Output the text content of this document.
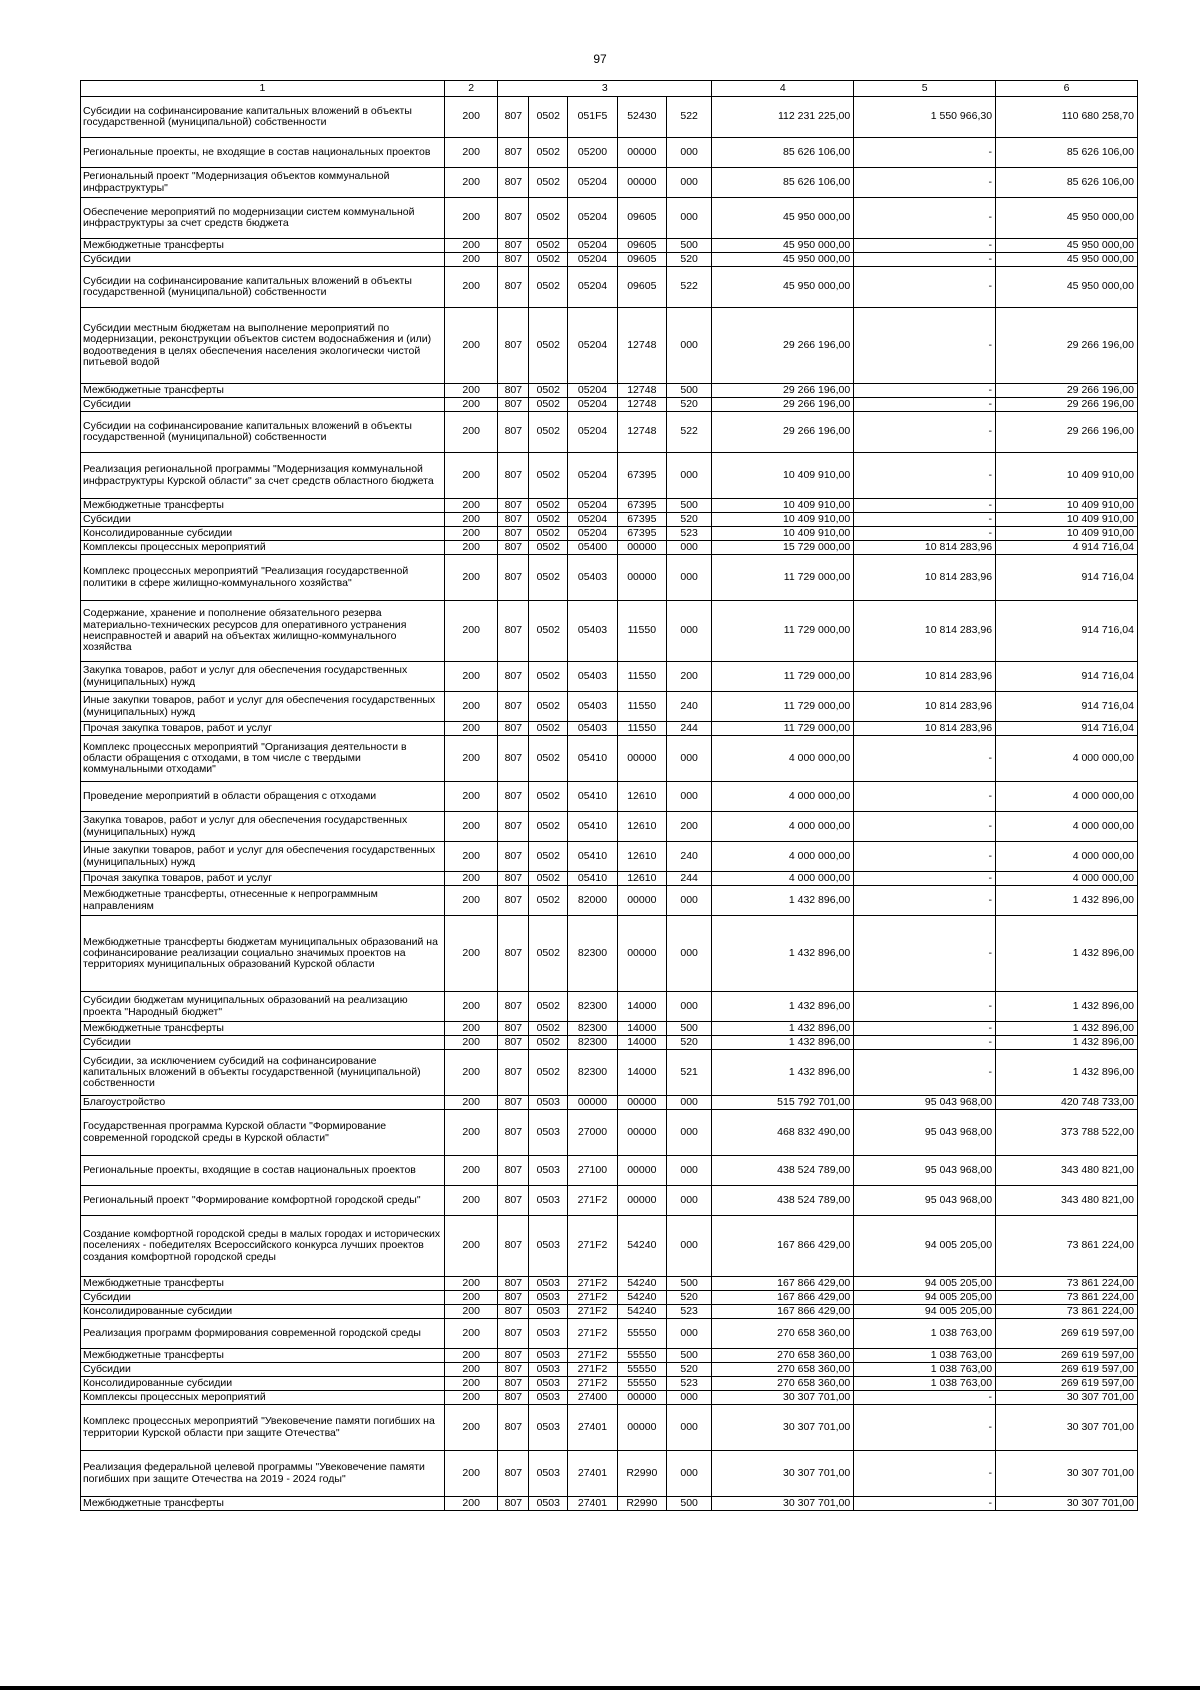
97
1	2	3					4	5	6
Субсидии на софинансирование капитальных вложений в объекты государственной (муниципальной) собственности	200	807	0502	051F5	52430	522	112 231 225,00	1 550 966,30	110 680 258,70
Региональные проекты, не входящие в состав национальных проектов	200	807	0502	05200	00000	000	85 626 106,00	-	85 626 106,00
Региональный проект "Модернизация объектов коммунальной инфраструктуры"	200	807	0502	05204	00000	000	85 626 106,00	-	85 626 106,00
Обеспечение мероприятий по модернизации систем коммунальной инфраструктуры за счет средств бюджета	200	807	0502	05204	09605	000	45 950 000,00	-	45 950 000,00
Межбюджетные трансферты	200	807	0502	05204	09605	500	45 950 000,00	-	45 950 000,00
Субсидии	200	807	0502	05204	09605	520	45 950 000,00	-	45 950 000,00
Субсидии на софинансирование капитальных вложений в объекты государственной (муниципальной) собственности	200	807	0502	05204	09605	522	45 950 000,00	-	45 950 000,00
Субсидии местным бюджетам на выполнение мероприятий по модернизации, реконструкции объектов систем водоснабжения и (или) водоотведения в целях обеспечения населения экологически чистой питьевой водой	200	807	0502	05204	12748	000	29 266 196,00	-	29 266 196,00
Межбюджетные трансферты	200	807	0502	05204	12748	500	29 266 196,00	-	29 266 196,00
Субсидии	200	807	0502	05204	12748	520	29 266 196,00	-	29 266 196,00
Субсидии на софинансирование капитальных вложений в объекты государственной (муниципальной) собственности	200	807	0502	05204	12748	522	29 266 196,00	-	29 266 196,00
Реализация региональной программы "Модернизация коммунальной инфраструктуры Курской области" за счет средств областного бюджета	200	807	0502	05204	67395	000	10 409 910,00	-	10 409 910,00
Межбюджетные трансферты	200	807	0502	05204	67395	500	10 409 910,00	-	10 409 910,00
Субсидии	200	807	0502	05204	67395	520	10 409 910,00	-	10 409 910,00
Консолидированные субсидии	200	807	0502	05204	67395	523	10 409 910,00	-	10 409 910,00
Комплексы процессных мероприятий	200	807	0502	05400	00000	000	15 729 000,00	10 814 283,96	4 914 716,04
Комплекс процессных мероприятий "Реализация государственной политики в сфере жилищно-коммунального хозяйства"	200	807	0502	05403	00000	000	11 729 000,00	10 814 283,96	914 716,04
Содержание, хранение и пополнение обязательного резерва материально-технических ресурсов для оперативного устранения неисправностей и аварий на объектах жилищно-коммунального хозяйства	200	807	0502	05403	11550	000	11 729 000,00	10 814 283,96	914 716,04
Закупка товаров, работ и услуг для обеспечения государственных (муниципальных) нужд	200	807	0502	05403	11550	200	11 729 000,00	10 814 283,96	914 716,04
Иные закупки товаров, работ и услуг для обеспечения государственных (муниципальных) нужд	200	807	0502	05403	11550	240	11 729 000,00	10 814 283,96	914 716,04
Прочая закупка товаров, работ и услуг	200	807	0502	05403	11550	244	11 729 000,00	10 814 283,96	914 716,04
Комплекс процессных мероприятий "Организация деятельности в области обращения с отходами, в том числе с твердыми коммунальными отходами"	200	807	0502	05410	00000	000	4 000 000,00	-	4 000 000,00
Проведение мероприятий в области обращения с отходами	200	807	0502	05410	12610	000	4 000 000,00	-	4 000 000,00
Закупка товаров, работ и услуг для обеспечения государственных (муниципальных) нужд	200	807	0502	05410	12610	200	4 000 000,00	-	4 000 000,00
Иные закупки товаров, работ и услуг для обеспечения государственных (муниципальных) нужд	200	807	0502	05410	12610	240	4 000 000,00	-	4 000 000,00
Прочая закупка товаров, работ и услуг	200	807	0502	05410	12610	244	4 000 000,00	-	4 000 000,00
Межбюджетные трансферты, отнесенные к непрограммным направлениям	200	807	0502	82000	00000	000	1 432 896,00	-	1 432 896,00
Межбюджетные трансферты бюджетам муниципальных образований на софинансирование реализации социально значимых проектов на территориях муниципальных образований Курской области	200	807	0502	82300	00000	000	1 432 896,00	-	1 432 896,00
Субсидии бюджетам муниципальных образований на реализацию проекта "Народный бюджет"	200	807	0502	82300	14000	000	1 432 896,00	-	1 432 896,00
Межбюджетные трансферты	200	807	0502	82300	14000	500	1 432 896,00	-	1 432 896,00
Субсидии	200	807	0502	82300	14000	520	1 432 896,00	-	1 432 896,00
Субсидии, за исключением субсидий на софинансирование капитальных вложений в объекты государственной (муниципальной) собственности	200	807	0502	82300	14000	521	1 432 896,00	-	1 432 896,00
Благоустройство	200	807	0503	00000	00000	000	515 792 701,00	95 043 968,00	420 748 733,00
Государственная программа Курской области "Формирование современной городской среды в Курской области"	200	807	0503	27000	00000	000	468 832 490,00	95 043 968,00	373 788 522,00
Региональные проекты, входящие в состав национальных проектов	200	807	0503	27100	00000	000	438 524 789,00	95 043 968,00	343 480 821,00
Региональный проект "Формирование комфортной городской среды"	200	807	0503	271F2	00000	000	438 524 789,00	95 043 968,00	343 480 821,00
Создание комфортной городской среды в малых городах и исторических поселениях - победителях Всероссийского конкурса лучших проектов создания комфортной городской среды	200	807	0503	271F2	54240	000	167 866 429,00	94 005 205,00	73 861 224,00
Межбюджетные трансферты	200	807	0503	271F2	54240	500	167 866 429,00	94 005 205,00	73 861 224,00
Субсидии	200	807	0503	271F2	54240	520	167 866 429,00	94 005 205,00	73 861 224,00
Консолидированные субсидии	200	807	0503	271F2	54240	523	167 866 429,00	94 005 205,00	73 861 224,00
Реализация программ формирования современной городской среды	200	807	0503	271F2	55550	000	270 658 360,00	1 038 763,00	269 619 597,00
Межбюджетные трансферты	200	807	0503	271F2	55550	500	270 658 360,00	1 038 763,00	269 619 597,00
Субсидии	200	807	0503	271F2	55550	520	270 658 360,00	1 038 763,00	269 619 597,00
Консолидированные субсидии	200	807	0503	271F2	55550	523	270 658 360,00	1 038 763,00	269 619 597,00
Комплексы процессных мероприятий	200	807	0503	27400	00000	000	30 307 701,00	-	30 307 701,00
Комплекс процессных мероприятий "Увековечение памяти погибших на территории Курской области при защите Отечества"	200	807	0503	27401	00000	000	30 307 701,00	-	30 307 701,00
Реализация федеральной целевой программы "Увековечение памяти погибших при защите Отечества на 2019 - 2024 годы"	200	807	0503	27401	R2990	000	30 307 701,00	-	30 307 701,00
Межбюджетные трансферты	200	807	0503	27401	R2990	500	30 307 701,00	-	30 307 701,00
